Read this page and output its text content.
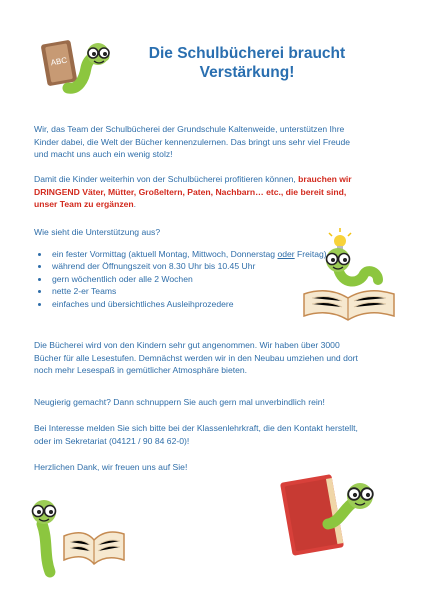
Die Schulbücherei braucht
Verstärkung!
ABC
Wir, das Team der Schulbücherei der Grundschule Kaltenweide, unterstützen Ihre Kinder dabei, die Welt der Bücher kennenzulernen. Das bringt uns sehr viel Freude und macht uns auch ein wenig stolz!
Damit die Kinder weiterhin von der Schulbücherei profitieren können, brauchen wir DRINGEND Väter, Mütter, Großeltern, Paten, Nachbarn… etc., die bereit sind, unser Team zu ergänzen.
Wie sieht die Unterstützung aus?
• ein fester Vormittag (aktuell Montag, Mittwoch, Donnerstag oder Freitag)
• während der Öffnungszeit von 8.30 Uhr bis 10.45 Uhr
• gern wöchentlich oder alle 2 Wochen
• nette 2-er Teams
• einfaches und übersichtliches Ausleihprozedere
Die Bücherei wird von den Kindern sehr gut angenommen. Wir haben über 3000 Bücher für alle Lesestufen. Demnächst werden wir in den Neubau umziehen und dort noch mehr Lesespaß in gemütlicher Atmosphäre bieten.
Neugierig gemacht? Dann schnuppern Sie auch gern mal unverbindlich rein!
Bei Interesse melden Sie sich bitte bei der Klassenlehrkraft, die den Kontakt herstellt, oder im Sekretariat (04121 / 90 84 62-0)!
Herzlichen Dank, wir freuen uns auf Sie!
